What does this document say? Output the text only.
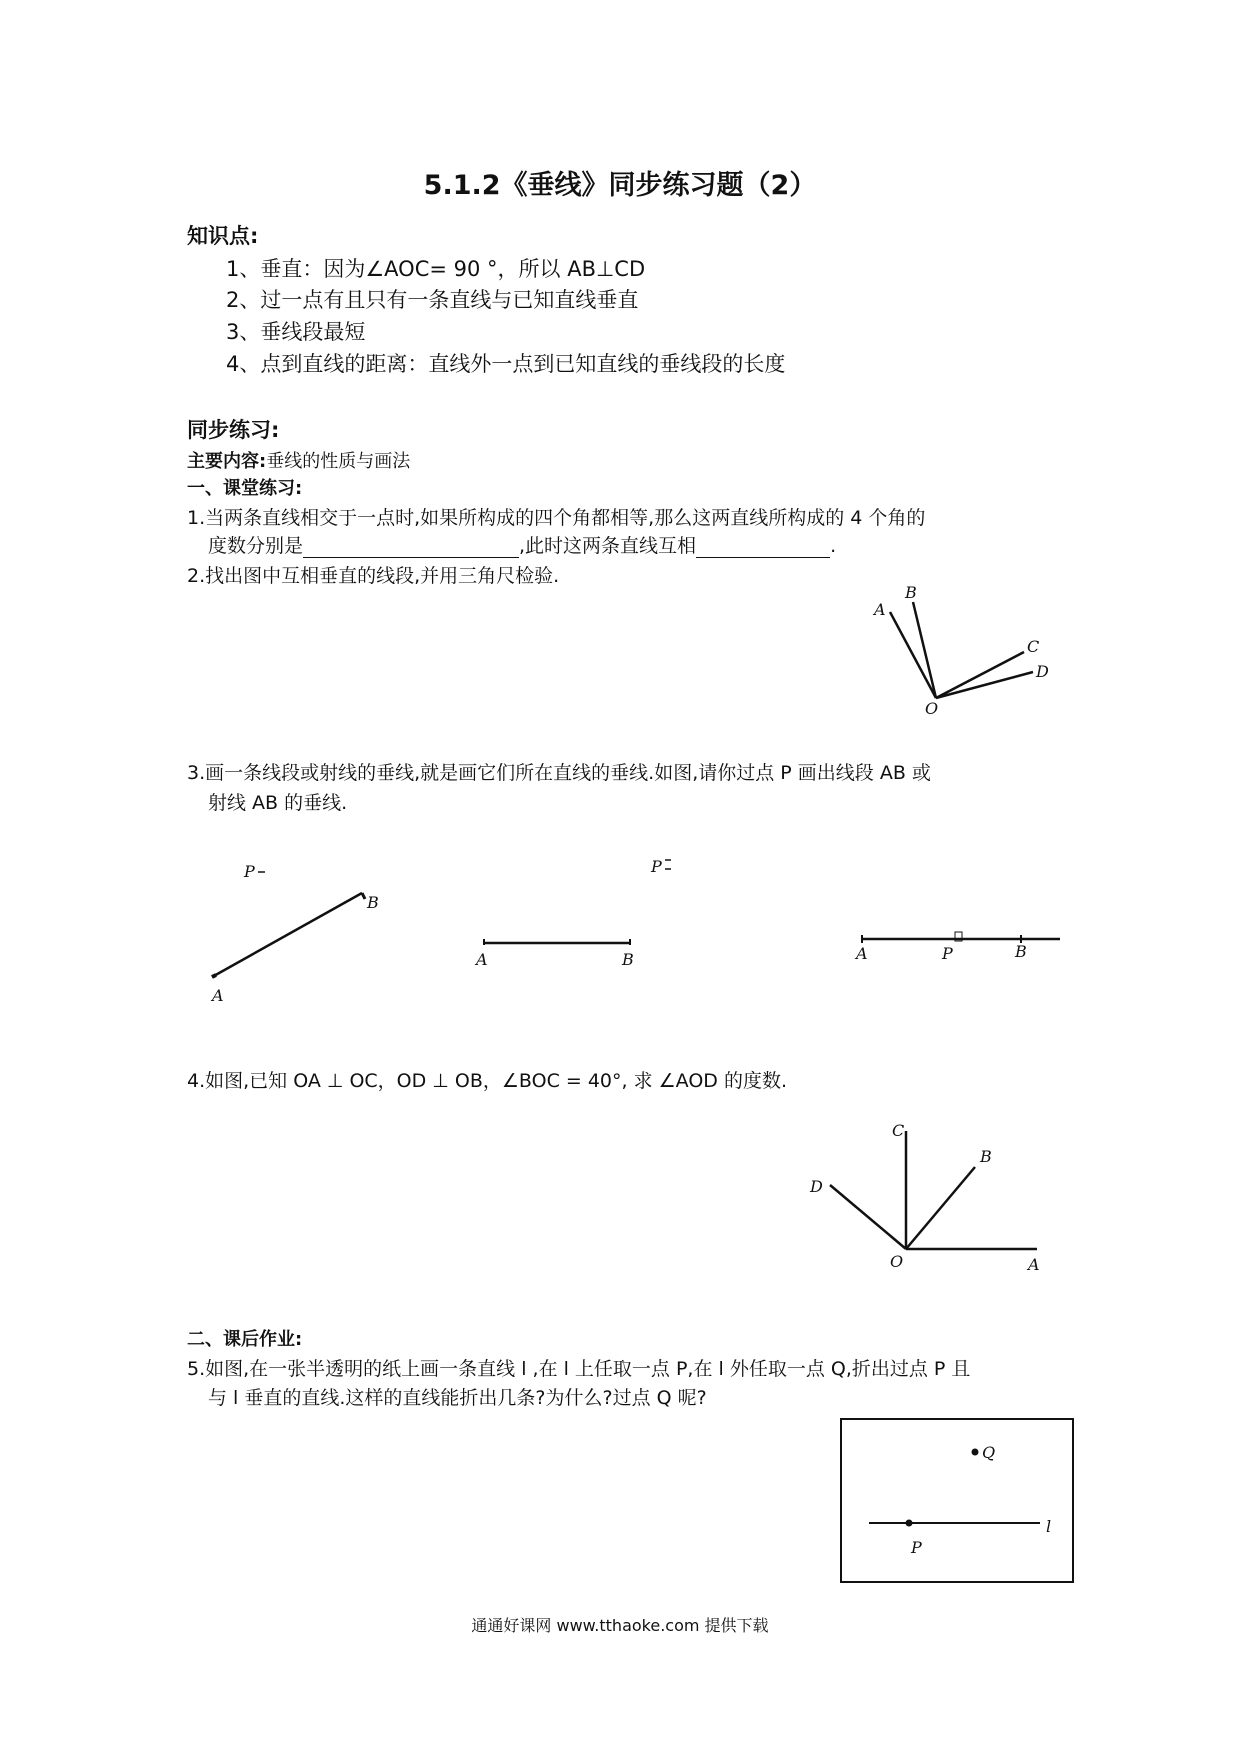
5.1.2《垂线》同步练习题（2）
知识点:
1、垂直：因为∠AOC= 90 °，所以 AB⊥CD
2、过一点有且只有一条直线与已知直线垂直
3、垂线段最短
4、点到直线的距离：直线外一点到已知直线的垂线段的长度
同步练习:
主要内容:垂线的性质与画法
一、课堂练习:
1.当两条直线相交于一点时,如果所构成的四个角都相等,那么这两直线所构成的 4 个角的
度数分别是	,此时这两条直线互相	.
2.找出图中互相垂直的线段,并用三角尺检验.
A
B
C
D
O
3.画一条线段或射线的垂线,就是画它们所在直线的垂线.如图,请你过点 P 画出线段 AB 或
射线 AB 的垂线.
P
A
B
P
A	B	A	P	B
4.如图,已知 OA ⊥ OC，OD ⊥ OB，∠BOC = 40°, 求 ∠AOD 的度数.
C
B
D
O	A
二、课后作业:
5.如图,在一张半透明的纸上画一条直线 l ,在 l 上任取一点 P,在 l 外任取一点 Q,折出过点 P 且
与 l 垂直的直线.这样的直线能折出几条?为什么?过点 Q 呢?
Q
P
l
通通好课网 www.tthaoke.com 提供下载
